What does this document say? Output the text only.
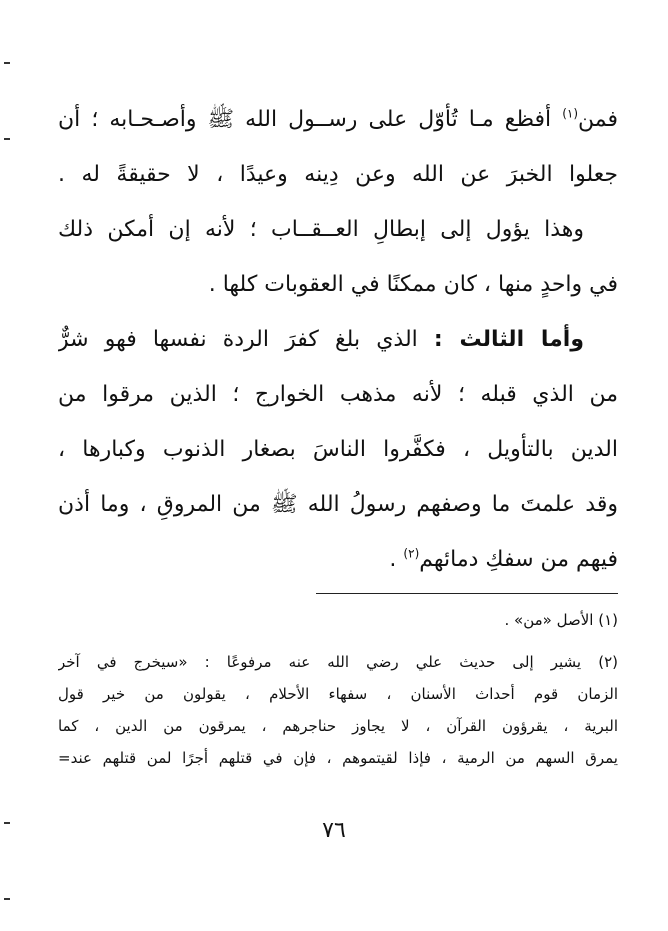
فمن$^{(١)}$ أفظع مـا تُأوّل على رســول الله ﷺ وأصـحـابه ؛ أن
جعلوا الخبرَ عن الله وعن دِينه وعيدًا ، لا حقيقةً له .
وهذا يؤول إلى إبطالِ العــقــاب ؛ لأنه إن أمكن ذلك
في واحدٍ منها ، كان ممكنًا في العقوبات كلها .
وأما الثالث : الذي بلغ كفرَ الردة نفسها فهو شرٌّ
من الذي قبله ؛ لأنه مذهب الخوارج ؛ الذين مرقوا من
الدين بالتأويل ، فكفَّروا الناسَ بصغار الذنوب وكبارها ،
وقد علمتَ ما وصفهم رسولُ الله ﷺ من المروقِ ، وما أذن
فيهم من سفكِ دمائهم$^{(٢)}$ .
(١) الأصل «من» .
(٢) يشير إلى حديث علي رضي الله عنه مرفوعًا : «سيخرج في آخر
الزمان قوم أحداث الأسنان ، سفهاء الأحلام ، يقولون من خير قول
البرية ، يقرؤون القرآن ، لا يجاوز حناجرهم ، يمرقون من الدين ، كما
يمرق السهم من الرمية ، فإذا لقيتموهم ، فإن في قتلهم أجرًا لمن قتلهم عند=
٧٦
